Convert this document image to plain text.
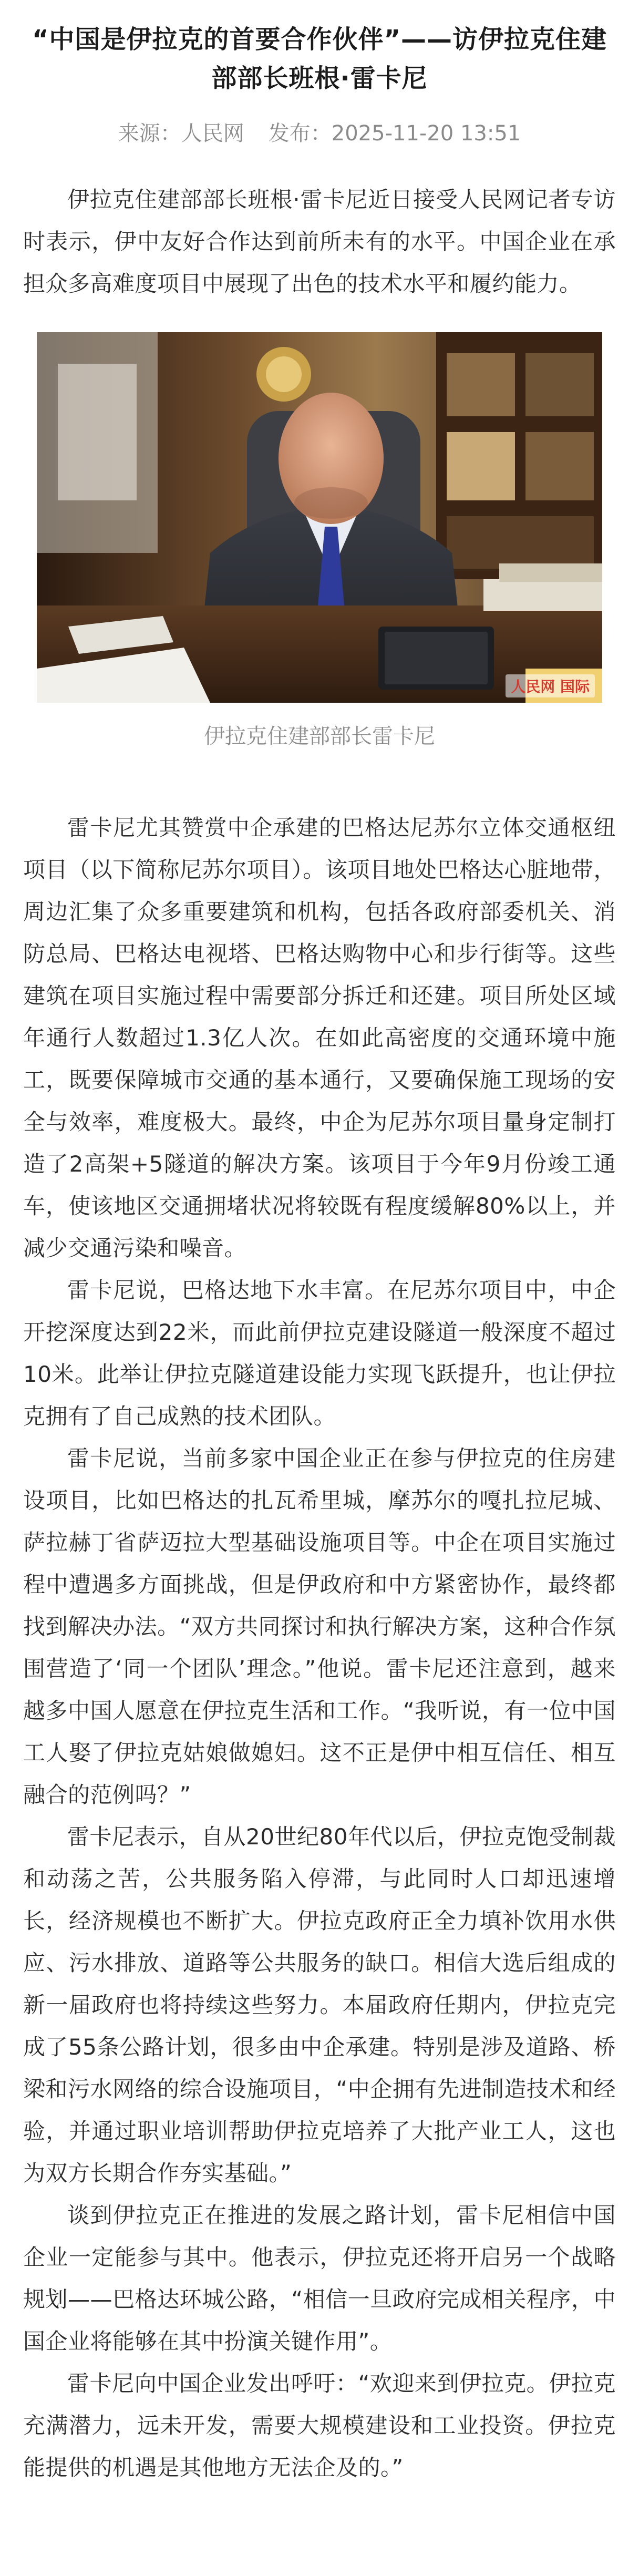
“中国是伊拉克的首要合作伙伴”——访伊拉克住建部部长班根·雷卡尼
来源：人民网 发布：2025-11-20 13:51

伊拉克住建部部长班根·雷卡尼近日接受人民网记者专访时表示，伊中友好合作达到前所未有的水平。中国企业在承担众多高难度项目中展现了出色的技术水平和履约能力。

人民网 国际
伊拉克住建部部长雷卡尼

雷卡尼尤其赞赏中企承建的巴格达尼苏尔立体交通枢纽项目（以下简称尼苏尔项目）。该项目地处巴格达心脏地带，周边汇集了众多重要建筑和机构，包括各政府部委机关、消防总局、巴格达电视塔、巴格达购物中心和步行街等。这些建筑在项目实施过程中需要部分拆迁和还建。项目所处区域年通行人数超过1.3亿人次。在如此高密度的交通环境中施工，既要保障城市交通的基本通行，又要确保施工现场的安全与效率，难度极大。最终，中企为尼苏尔项目量身定制打造了2高架+5隧道的解决方案。该项目于今年9月份竣工通车，使该地区交通拥堵状况将较既有程度缓解80%以上，并减少交通污染和噪音。

雷卡尼说，巴格达地下水丰富。在尼苏尔项目中，中企开挖深度达到22米，而此前伊拉克建设隧道一般深度不超过10米。此举让伊拉克隧道建设能力实现飞跃提升，也让伊拉克拥有了自己成熟的技术团队。

雷卡尼说，当前多家中国企业正在参与伊拉克的住房建设项目，比如巴格达的扎瓦希里城，摩苏尔的嘎扎拉尼城、萨拉赫丁省萨迈拉大型基础设施项目等。中企在项目实施过程中遭遇多方面挑战，但是伊政府和中方紧密协作，最终都找到解决办法。“双方共同探讨和执行解决方案，这种合作氛围营造了‘同一个团队’理念。”他说。雷卡尼还注意到，越来越多中国人愿意在伊拉克生活和工作。“我听说，有一位中国工人娶了伊拉克姑娘做媳妇。这不正是伊中相互信任、相互融合的范例吗？”

雷卡尼表示，自从20世纪80年代以后，伊拉克饱受制裁和动荡之苦，公共服务陷入停滞，与此同时人口却迅速增长，经济规模也不断扩大。伊拉克政府正全力填补饮用水供应、污水排放、道路等公共服务的缺口。相信大选后组成的新一届政府也将持续这些努力。本届政府任期内，伊拉克完成了55条公路计划，很多由中企承建。特别是涉及道路、桥梁和污水网络的综合设施项目，“中企拥有先进制造技术和经验，并通过职业培训帮助伊拉克培养了大批产业工人，这也为双方长期合作夯实基础。”

谈到伊拉克正在推进的发展之路计划，雷卡尼相信中国企业一定能参与其中。他表示，伊拉克还将开启另一个战略规划——巴格达环城公路，“相信一旦政府完成相关程序，中国企业将能够在其中扮演关键作用”。

雷卡尼向中国企业发出呼吁：“欢迎来到伊拉克。伊拉克充满潜力，远未开发，需要大规模建设和工业投资。伊拉克能提供的机遇是其他地方无法企及的。”
